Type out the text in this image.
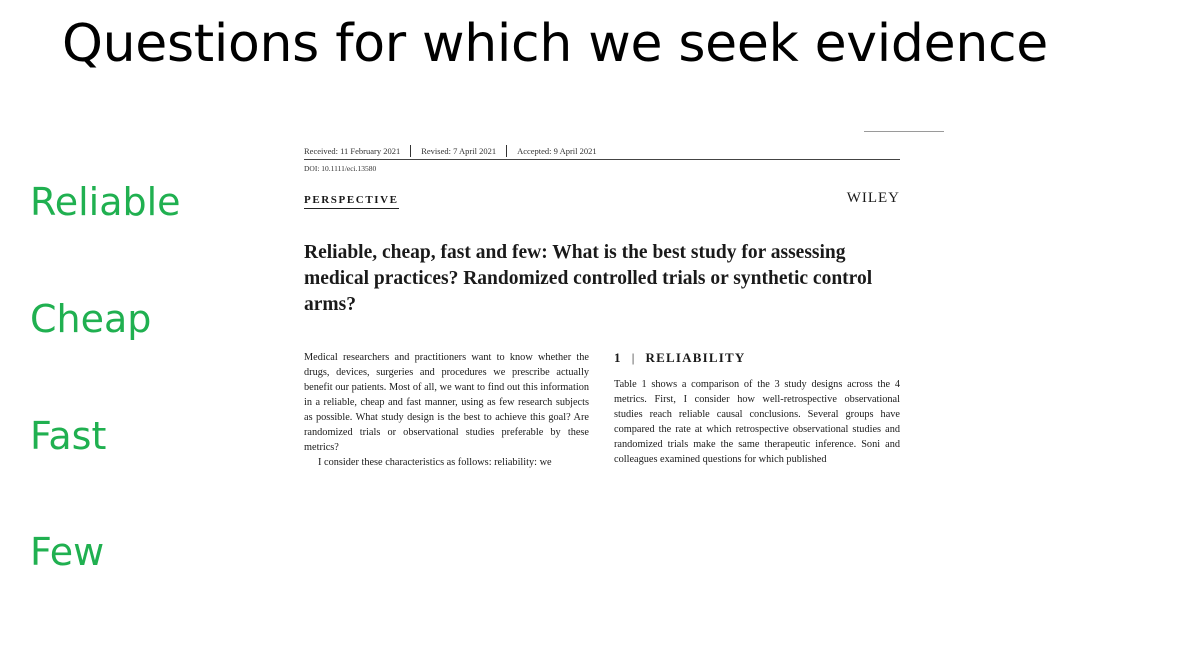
Questions for which we seek evidence
Reliable
Cheap
Fast
Few
Received: 11 February 2021	Revised: 7 April 2021	Accepted: 9 April 2021
DOI: 10.1111/eci.13580
PERSPECTIVE	WILEY
Reliable, cheap, fast and few: What is the best study for assessing medical practices? Randomized controlled trials or synthetic control arms?

Medical researchers and practitioners want to know whether the drugs, devices, surgeries and procedures we prescribe actually benefit our patients. Most of all, we want to find out this information in a reliable, cheap and fast manner, using as few research subjects as possible. What study design is the best to achieve this goal? Are randomized trials or observational studies preferable by these metrics?

I consider these characteristics as follows: reliability: we

1 | RELIABILITY

Table 1 shows a comparison of the 3 study designs across the 4 metrics. First, I consider how well-retrospective observational studies reach reliable causal conclusions. Several groups have compared the rate at which retrospective observational studies and randomized trials make the same therapeutic inference. Soni and colleagues examined questions for which published
